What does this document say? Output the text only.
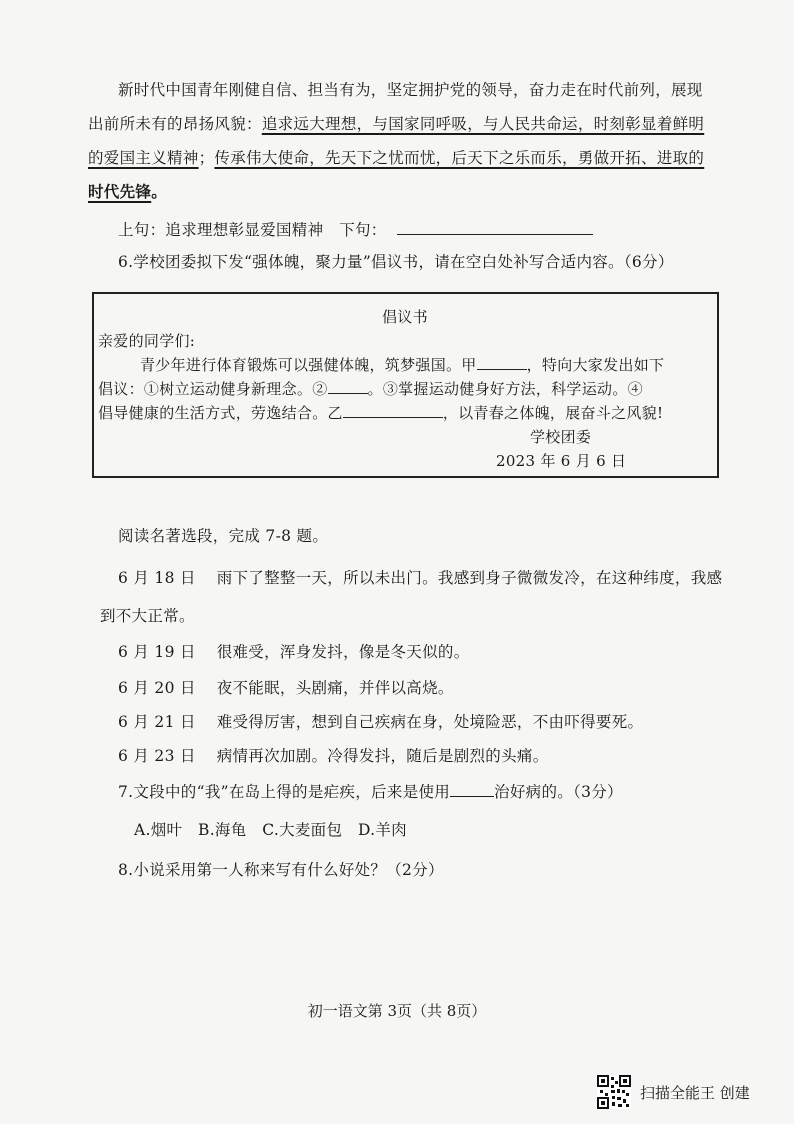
新时代中国青年刚健自信、担当有为，坚定拥护党的领导，奋力走在时代前列，展现
出前所未有的昂扬风貌：追求远大理想，与国家同呼吸，与人民共命运，时刻彰显着鲜明
的爱国主义精神；传承伟大使命，先天下之忧而忧，后天下之乐而乐，勇做开拓、进取的
时代先锋。
上句：追求理想彰显爱国精神　下句：
6.学校团委拟下发“强体魄，聚力量”倡议书，请在空白处补写合适内容。（6分）
倡议书
亲爱的同学们:
青少年进行体育锻炼可以强健体魄，筑梦强国。甲	，特向大家发出如下
倡议：①树立运动健身新理念。②	。③掌握运动健身好方法，科学运动。④
倡导健康的生活方式，劳逸结合。乙	，以青春之体魄，展奋斗之风貌!
学校团委
2023 年 6 月 6 日
阅读名著选段，完成 7-8 题。
6 月 18 日 雨下了整整一天，所以未出门。我感到身子微微发冷，在这种纬度，我感
到不大正常。
6 月 19 日 很难受，浑身发抖，像是冬天似的。
6 月 20 日 夜不能眠，头剧痛，并伴以高烧。
6 月 21 日 难受得厉害，想到自己疾病在身，处境险恶，不由吓得要死。
6 月 23 日 病情再次加剧。冷得发抖，随后是剧烈的头痛。
7.文段中的“我”在岛上得的是疟疾，后来是使用	治好病的。（3分）
A.烟叶 B.海龟 C.大麦面包 D.羊肉
8.小说采用第一人称来写有什么好处？（2分）
初一语文第 3页（共 8页）
扫描全能王 创建
